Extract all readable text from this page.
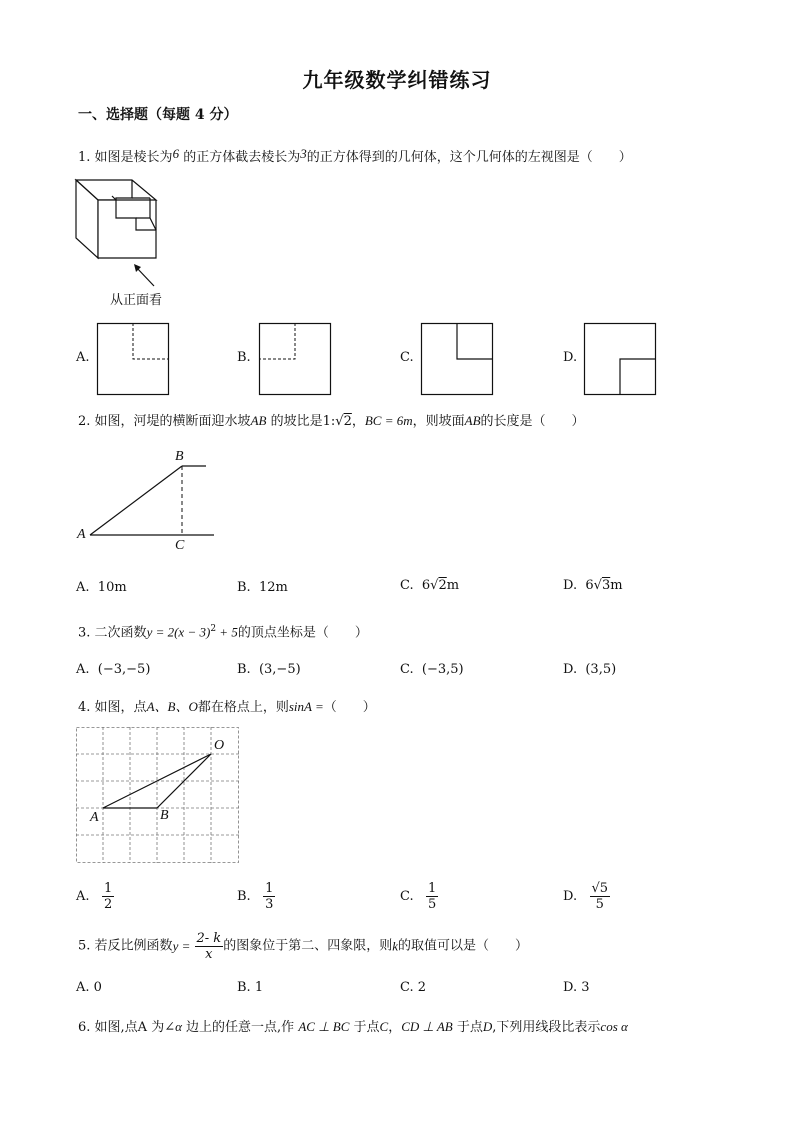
九年级数学纠错练习
一、选择题（每题 4 分）
1. 如图是棱长为6 的正方体截去棱长为3的正方体得到的几何体，这个几何体的左视图是（　　）
从正面看
A.	B.	C.	D.
2. 如图，河堤的横断面迎水坡AB 的坡比是1:√2，BC = 6m，则坡面AB的长度是（　　）
B
A
C
A. 10m	B. 12m	C. 6√2m	D. 6√3m
3. 二次函数$y = 2(x - 3)^2 + 5$的顶点坐标是（　　）
A. (−3,−5)	B. (3,−5)	C. (−3,5)	D. (3,5)
4. 如图，点A、B、O都在格点上，则sinA =（　　）
O
A	B
A. $\frac{1}{2}$	B. $\frac{1}{3}$	C. $\frac{1}{5}$	D. $\frac{√5}{5}$
5. 若反比例函数$y = \frac{2- k}{x}$ 的图象位于第二、四象限，则k的取值可以是（　　）
A. 0	B. 1	C. 2	D. 3
6. 如图,点A 为∠α 边上的任意一点,作 AC ⊥ BC 于点C，CD ⊥ AB 于点D,下列用线段比表示cos α
